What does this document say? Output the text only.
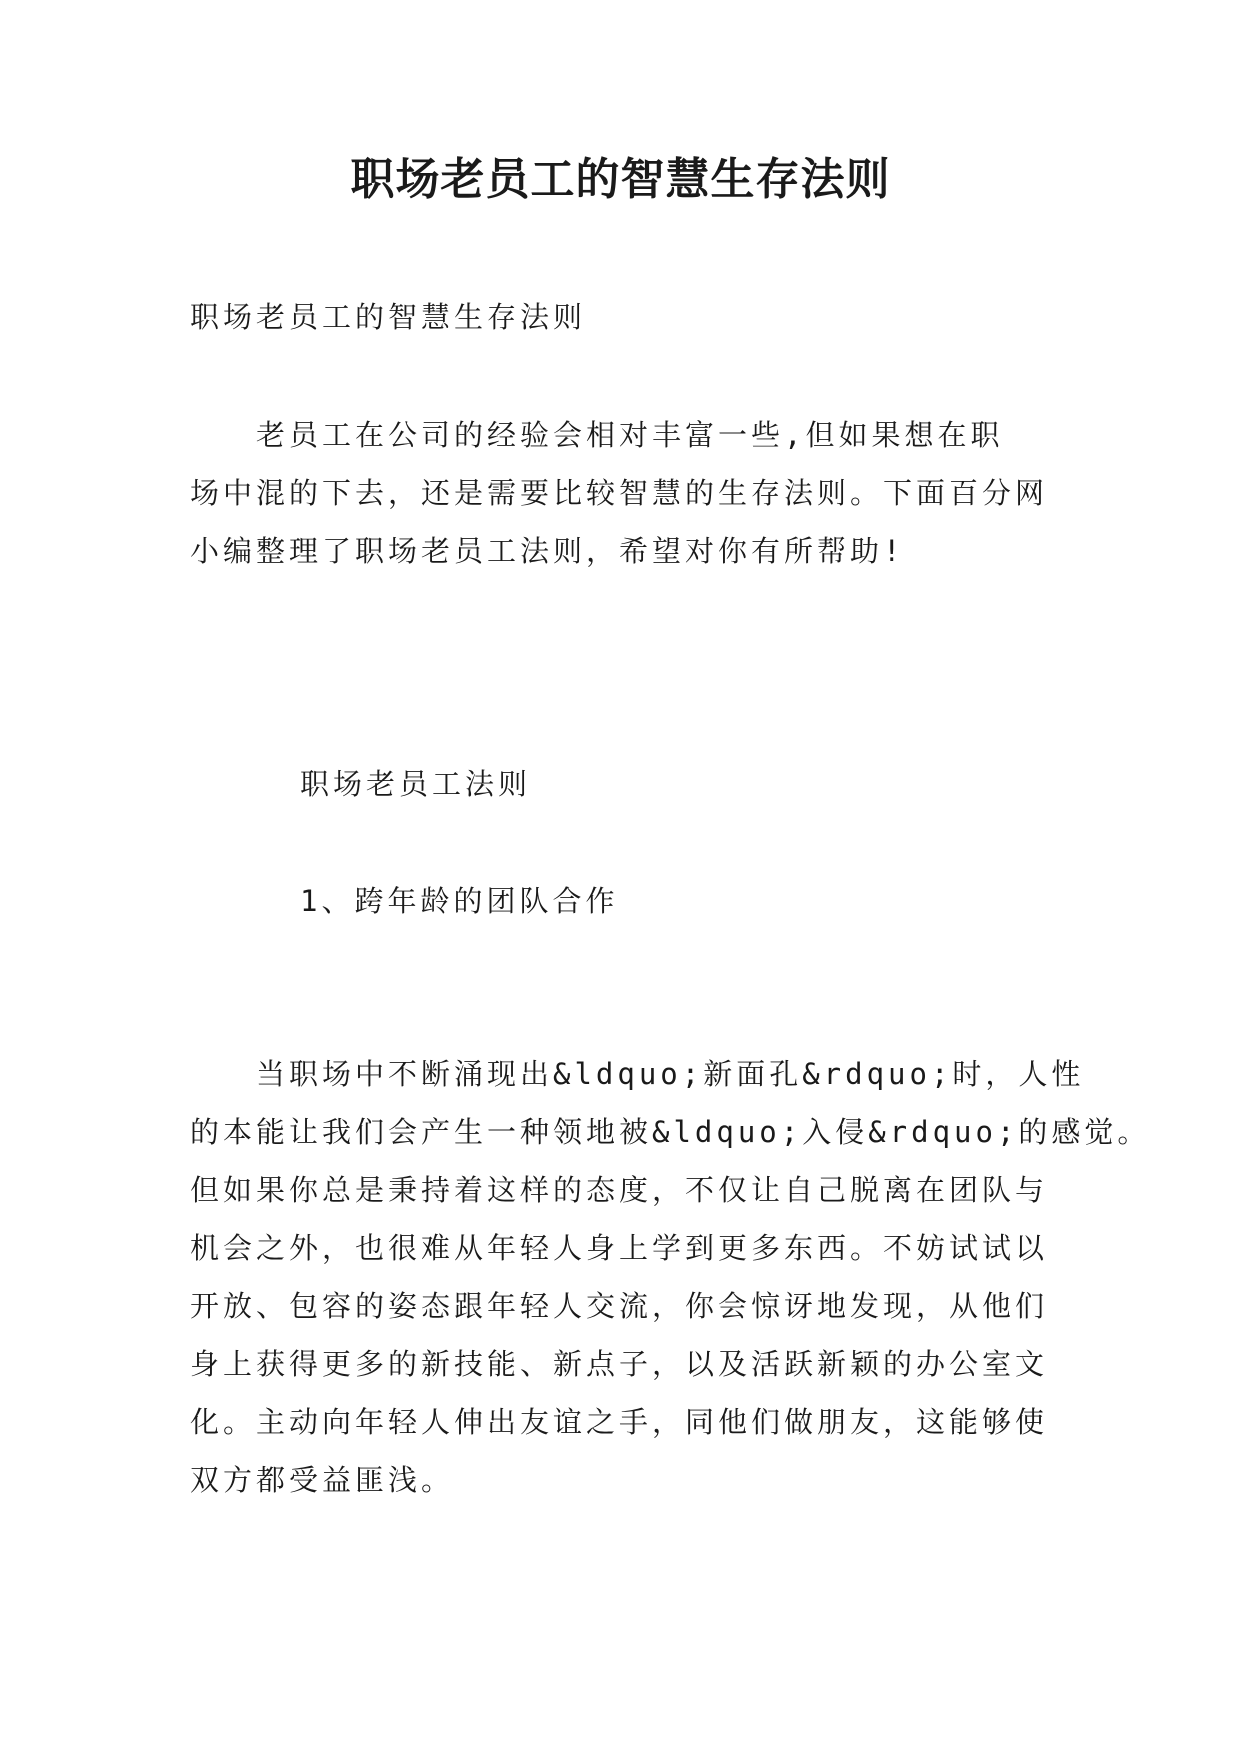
职场老员工的智慧生存法则
职场老员工的智慧生存法则
　　老员工在公司的经验会相对丰富一些,但如果想在职
场中混的下去，还是需要比较智慧的生存法则。下面百分网
小编整理了职场老员工法则，希望对你有所帮助!
职场老员工法则
1、跨年龄的团队合作
　　当职场中不断涌现出&ldquo;新面孔&rdquo;时，人性
的本能让我们会产生一种领地被&ldquo;入侵&rdquo;的感觉。
但如果你总是秉持着这样的态度，不仅让自己脱离在团队与
机会之外，也很难从年轻人身上学到更多东西。不妨试试以
开放、包容的姿态跟年轻人交流，你会惊讶地发现，从他们
身上获得更多的新技能、新点子，以及活跃新颖的办公室文
化。主动向年轻人伸出友谊之手，同他们做朋友，这能够使
双方都受益匪浅。
